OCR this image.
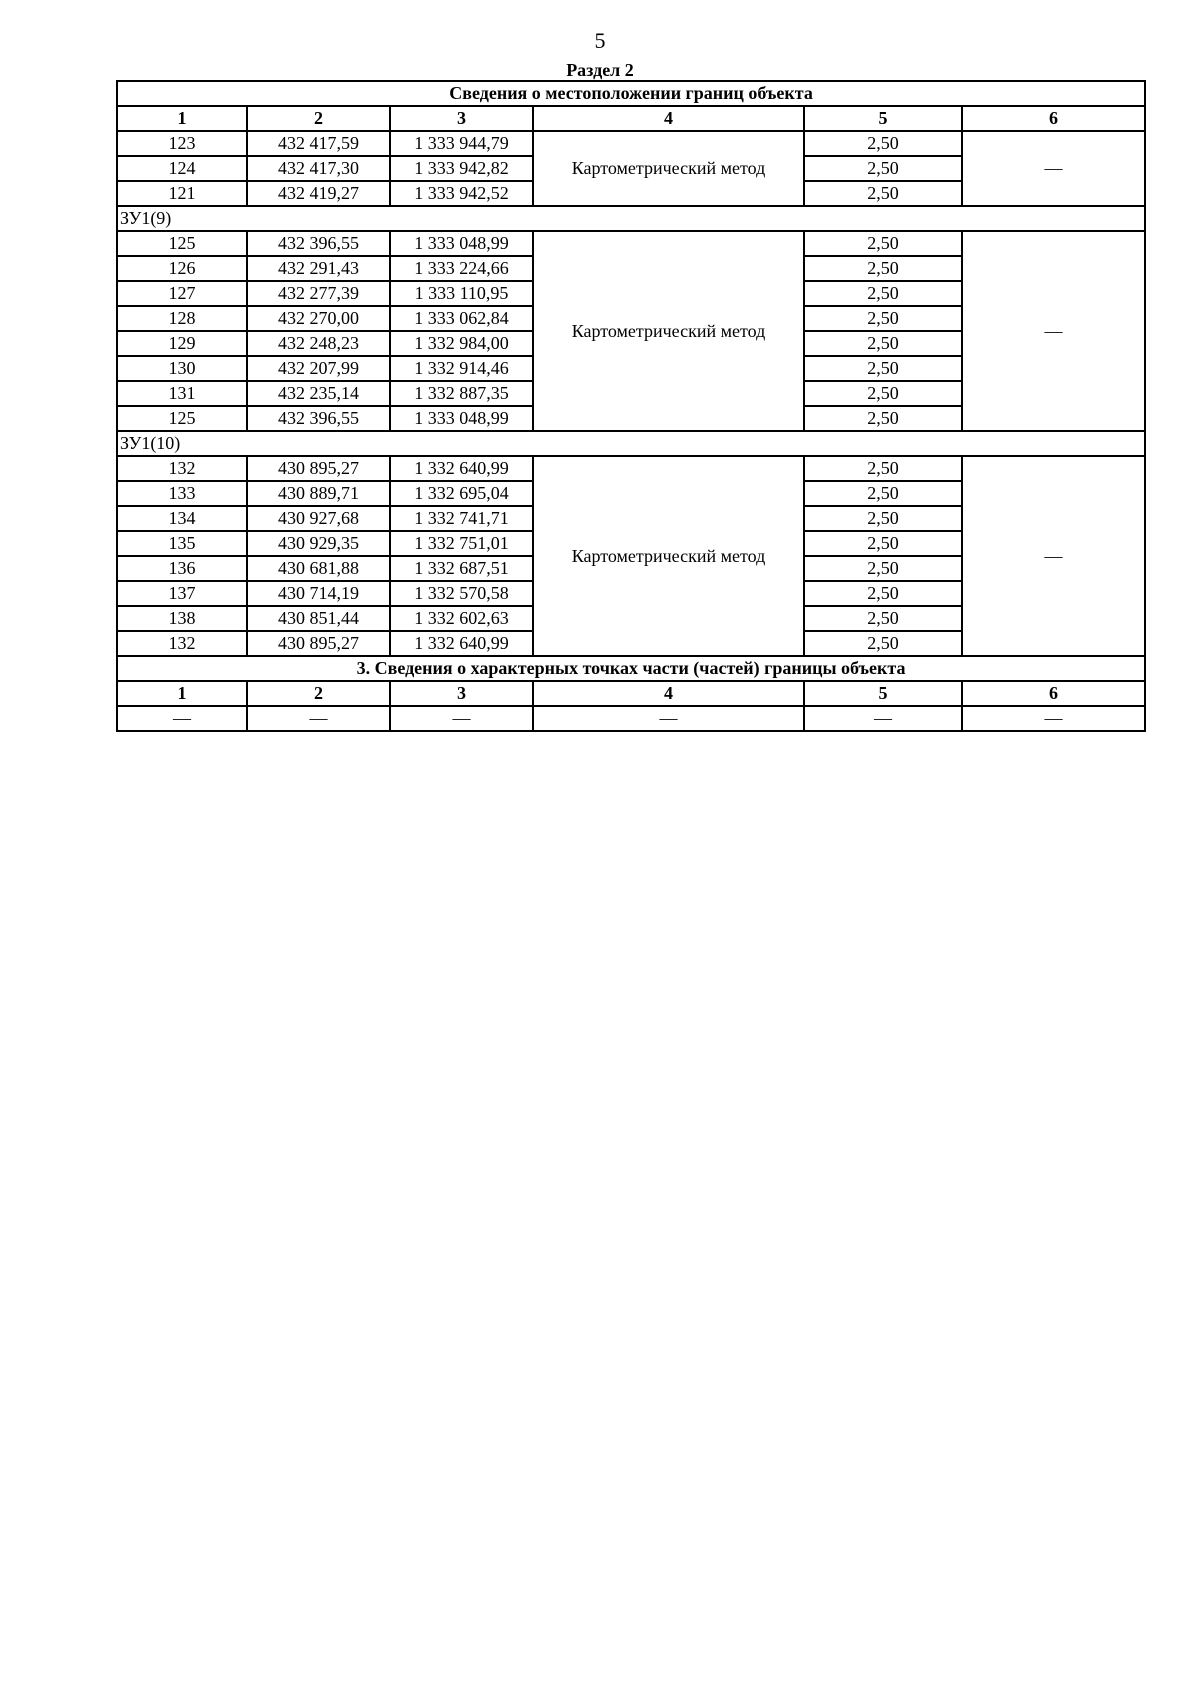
5
Раздел 2
Сведения о местоположении границ объекта					
1	2	3	4	5	6
123	432 417,59	1 333 944,79	Картометрический метод	2,50	—
124	432 417,30	1 333 942,82		2,50	
121	432 419,27	1 333 942,52		2,50	
ЗУ1(9)					
125	432 396,55	1 333 048,99	Картометрический метод	2,50	—
126	432 291,43	1 333 224,66		2,50	
127	432 277,39	1 333 110,95		2,50	
128	432 270,00	1 333 062,84		2,50	
129	432 248,23	1 332 984,00		2,50	
130	432 207,99	1 332 914,46		2,50	
131	432 235,14	1 332 887,35		2,50	
125	432 396,55	1 333 048,99		2,50	
ЗУ1(10)					
132	430 895,27	1 332 640,99	Картометрический метод	2,50	—
133	430 889,71	1 332 695,04		2,50	
134	430 927,68	1 332 741,71		2,50	
135	430 929,35	1 332 751,01		2,50	
136	430 681,88	1 332 687,51		2,50	
137	430 714,19	1 332 570,58		2,50	
138	430 851,44	1 332 602,63		2,50	
132	430 895,27	1 332 640,99		2,50	
3. Сведения о характерных точках части (частей) границы объекта					
1	2	3	4	5	6
—	—	—	—	—	—
